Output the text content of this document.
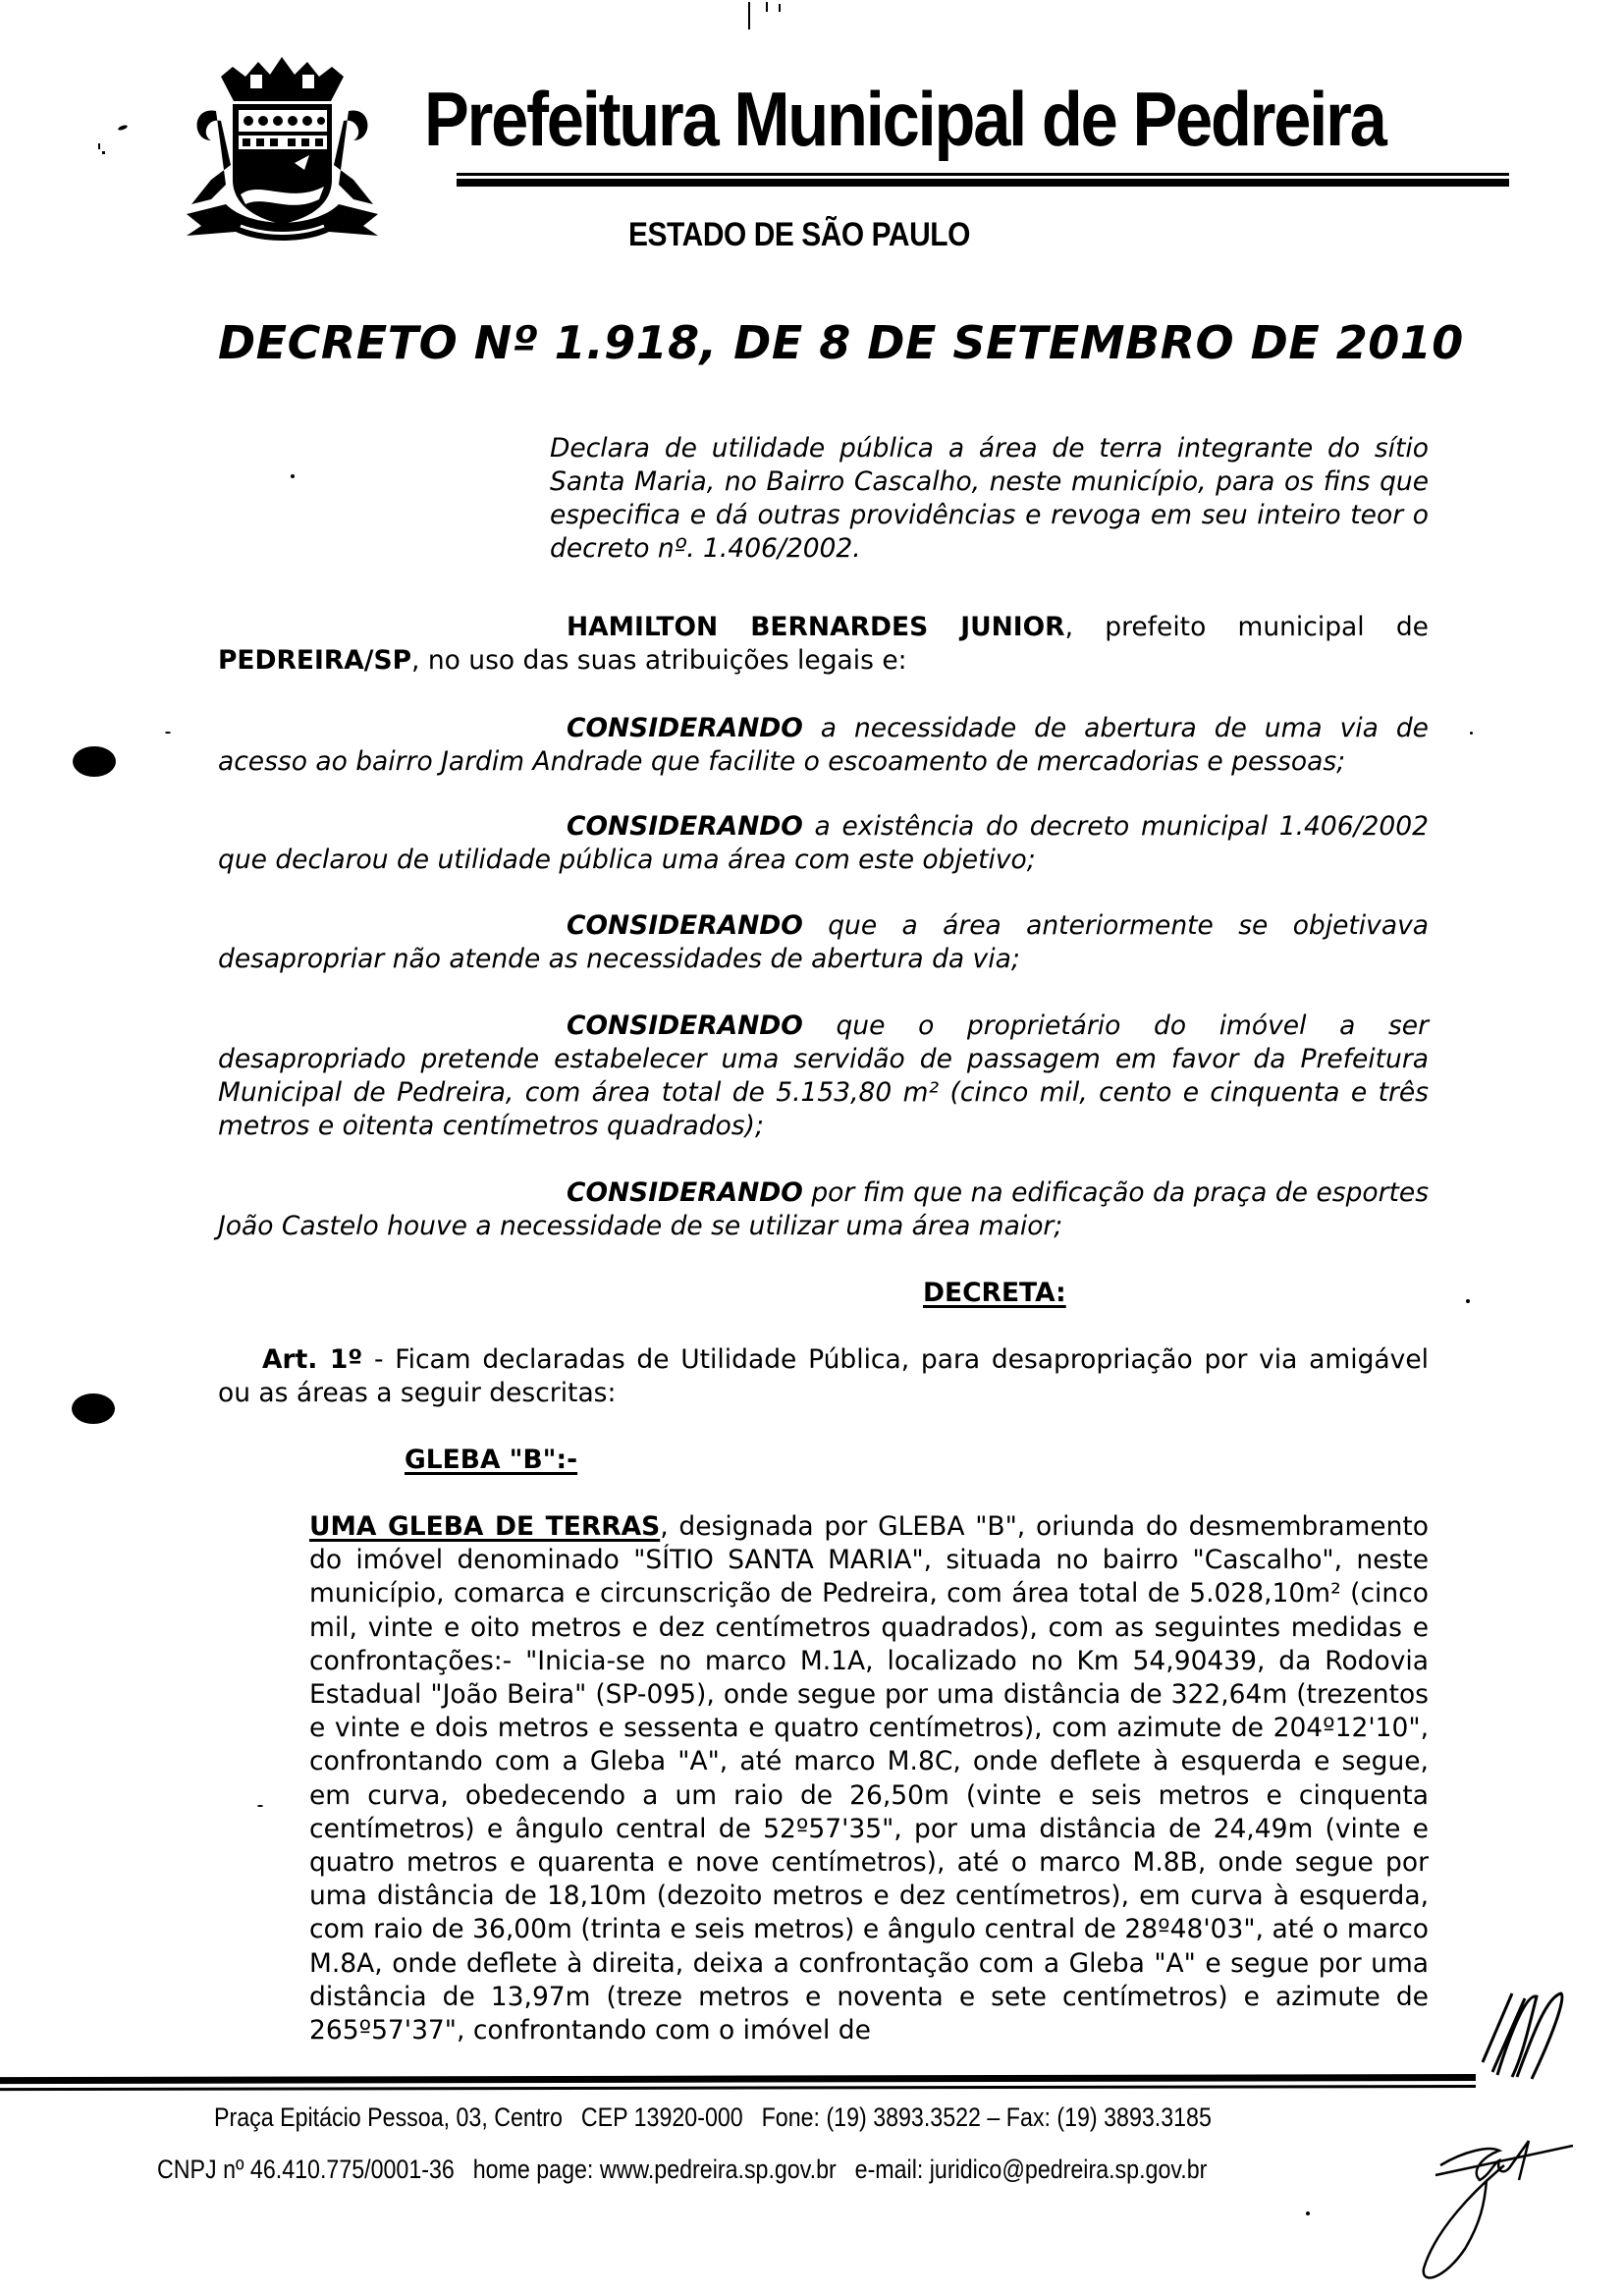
Prefeitura Municipal de Pedreira
ESTADO DE SÃO PAULO
DECRETO Nº 1.918, DE 8 DE SETEMBRO DE 2010
Declara de utilidade pública a área de terra integrante do sítio Santa Maria, no Bairro Cascalho, neste município, para os fins que especifica e dá outras providências e revoga em seu inteiro teor o decreto nº. 1.406/2002.
HAMILTON BERNARDES JUNIOR, prefeito municipal de PEDREIRA/SP, no uso das suas atribuições legais e:
CONSIDERANDO a necessidade de abertura de uma via de acesso ao bairro Jardim Andrade que facilite o escoamento de mercadorias e pessoas;
CONSIDERANDO a existência do decreto municipal 1.406/2002 que declarou de utilidade pública uma área com este objetivo;
CONSIDERANDO que a área anteriormente se objetivava desapropriar não atende as necessidades de abertura da via;
CONSIDERANDO que o proprietário do imóvel a ser desapropriado pretende estabelecer uma servidão de passagem em favor da Prefeitura Municipal de Pedreira, com área total de 5.153,80 m² (cinco mil, cento e cinquenta e três metros e oitenta centímetros quadrados);
CONSIDERANDO por fim que na edificação da praça de esportes João Castelo houve a necessidade de se utilizar uma área maior;
DECRETA:
Art. 1º - Ficam declaradas de Utilidade Pública, para desapropriação por via amigável ou as áreas a seguir descritas:
GLEBA "B":-
UMA GLEBA DE TERRAS, designada por GLEBA "B", oriunda do desmembramento do imóvel denominado "SÍTIO SANTA MARIA", situada no bairro "Cascalho", neste município, comarca e circunscrição de Pedreira, com área total de 5.028,10m² (cinco mil, vinte e oito metros e dez centímetros quadrados), com as seguintes medidas e confrontações:- "Inicia-se no marco M.1A, localizado no Km 54,90439, da Rodovia Estadual "João Beira" (SP-095), onde segue por uma distância de 322,64m (trezentos e vinte e dois metros e sessenta e quatro centímetros), com azimute de 204º12'10", confrontando com a Gleba "A", até marco M.8C, onde deflete à esquerda e segue, em curva, obedecendo a um raio de 26,50m (vinte e seis metros e cinquenta centímetros) e ângulo central de 52º57'35", por uma distância de 24,49m (vinte e quatro metros e quarenta e nove centímetros), até o marco M.8B, onde segue por uma distância de 18,10m (dezoito metros e dez centímetros), em curva à esquerda, com raio de 36,00m (trinta e seis metros) e ângulo central de 28º48'03", até o marco M.8A, onde deflete à direita, deixa a confrontação com a Gleba "A" e segue por uma distância de 13,97m (treze metros e noventa e sete centímetros) e azimute de 265º57'37", confrontando com o imóvel de
Praça Epitácio Pessoa, 03, Centro CEP 13920-000 Fone: (19) 3893.3522 – Fax: (19) 3893.3185
CNPJ nº 46.410.775/0001-36 home page: www.pedreira.sp.gov.br e-mail: juridico@pedreira.sp.gov.br
